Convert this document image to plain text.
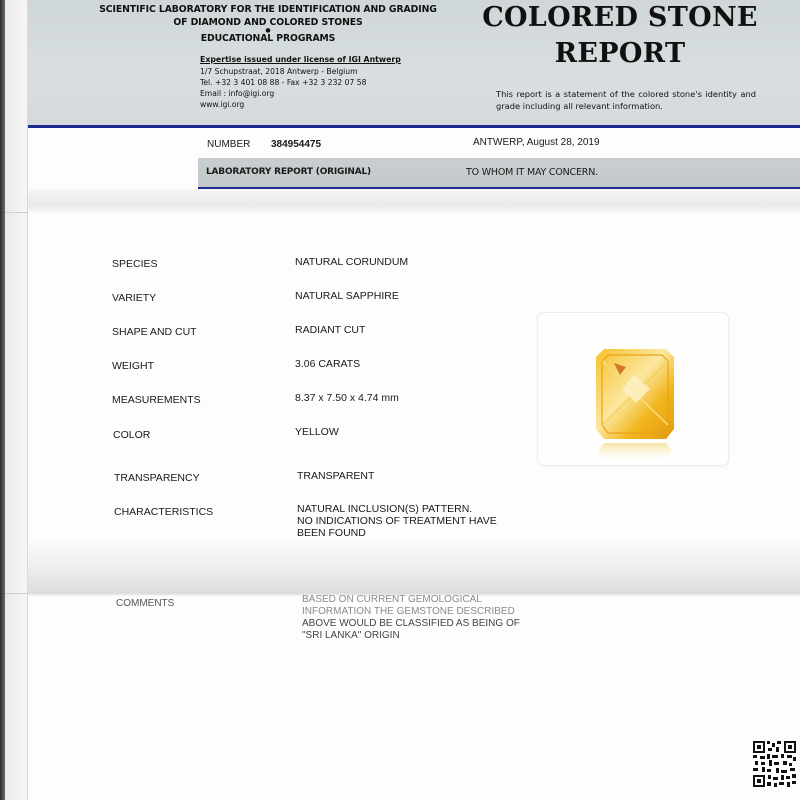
SCIENTIFIC LABORATORY FOR THE IDENTIFICATION AND GRADING
OF DIAMOND AND COLORED STONES
●
EDUCATIONAL PROGRAMS
Expertise issued under license of IGI Antwerp
1/7 Schupstraat, 2018 Antwerp - Belgium
Tel. +32 3 401 08 88 - Fax +32 3 232 07 58
Email : info@igi.org
www.igi.org
COLORED STONE
REPORT
This report is a statement of the colored stone's identity and grade including all relevant information.
NUMBER 384954475	ANTWERP, August 28, 2019
LABORATORY REPORT (ORIGINAL)	TO WHOM IT MAY CONCERN.
SPECIES	NATURAL CORUNDUM
VARIETY	NATURAL SAPPHIRE
SHAPE AND CUT	RADIANT CUT
WEIGHT	3.06 CARATS
MEASUREMENTS	8.37 x 7.50 x 4.74 mm
COLOR	YELLOW
TRANSPARENCY	TRANSPARENT
CHARACTERISTICS	NATURAL INCLUSION(S) PATTERN.
NO INDICATIONS OF TREATMENT HAVE
BEEN FOUND
COMMENTS	BASED ON CURRENT GEMOLOGICAL
INFORMATION THE GEMSTONE DESCRIBED
ABOVE WOULD BE CLASSIFIED AS BEING OF
"SRI LANKA" ORIGIN
